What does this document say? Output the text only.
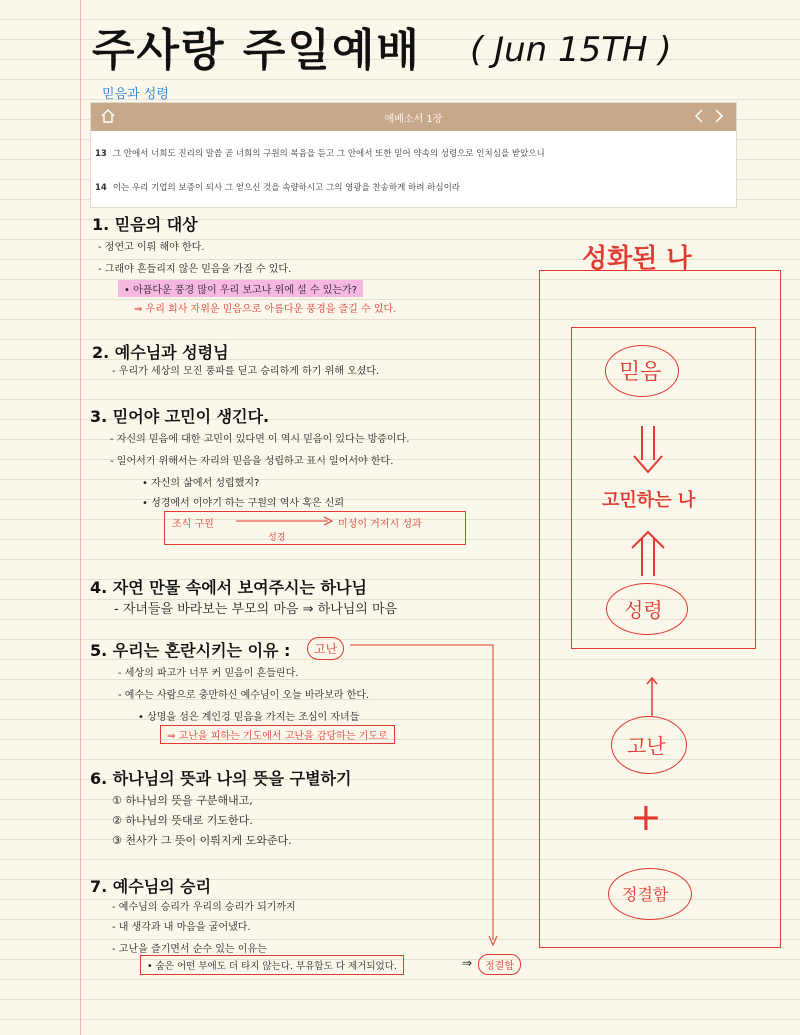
주사랑 주일예배 ( Jun 15TH )
믿음과 성령
에베소서 1장
13 그 안에서 너희도 진리의 말씀 곧 너희의 구원의 복음을 듣고 그 안에서 또한 믿어 약속의 성령으로 인치심을 받았으니
14 이는 우리 기업의 보증이 되사 그 얻으신 것을 속량하시고 그의 영광을 찬송하게 하려 하심이라
1. 믿음의 대상
- 정연고 이뤄 해야 한다.
- 그래야 흔들리지 않은 믿음을 가질 수 있다.
• 아픔다운 풍경 많이 우리 보고나 위에 설 수 있는가?
⇒ 우리 회사 자위운 믿음으로 아름다운 풍경을 즐길 수 있다.
2. 예수님과 성령님
- 우리가 세상의 모진 풍파를 딛고 승리하게 하기 위해 오셨다.
3. 믿어야 고민이 생긴다.
- 자신의 믿음에 대한 고민이 있다면 이 역시 믿음이 있다는 방증이다.
- 일어서기 위해서는 자리의 믿음을 성립하고 표시 일어서야 한다.
• 자신의 삶에서 성립했지?
• 성경에서 이야기 하는 구원의 역사 혹은 신뢰
조식 구원	미성이 거저시 성과
성경
4. 자연 만물 속에서 보여주시는 하나님
- 자녀들을 바라보는 부모의 마음 ⇒ 하나님의 마음
5. 우리는 혼란시키는 이유 :	고난
- 세상의 파고가 너무 커 믿음이 흔들린다.
- 예수는 사람으로 충만하신 예수님이 오늘 바라보라 한다.
• 상명을 섬은 계인겅 믿음을 가지는 조심이 자녀들
⇒ 고난을 피하는 기도에서 고난을 감당하는 기도로
6. 하나님의 뜻과 나의 뜻을 구별하기
① 하나님의 뜻을 구분해내고,
② 하나님의 뜻대로 기도한다.
③ 천사가 그 뜻이 이뤄지게 도와준다.
7. 예수님의 승리
- 예수님의 승리가 우리의 승리가 되기까지
- 내 생각과 내 마음을 굴어냈다.
- 고난을 즐기면서 순수 있는 이유는
• 숨은 어떤 부에도 더 타지 않는다. 부유함도 다 제거되었다.	⇒	정결함
성화된 나
믿음
고민하는 나
성령
고난
+
정결함
